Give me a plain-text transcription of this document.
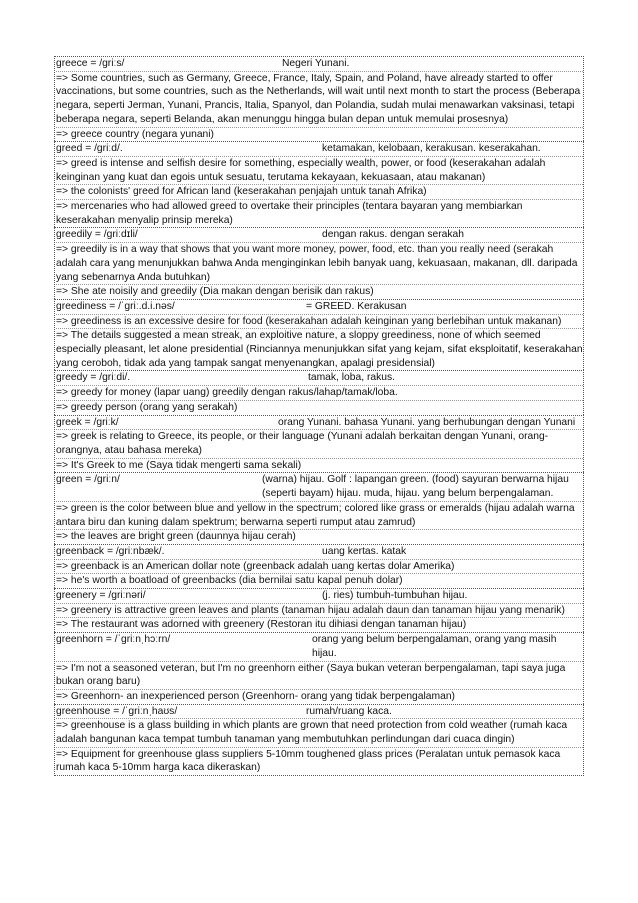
greece = /griːs/	Negeri Yunani.
=> Some countries, such as Germany, Greece, France, Italy, Spain, and Poland, have already started to offer vaccinations, but some countries, such as the Netherlands, will wait until next month to start the process (Beberapa negara, seperti Jerman, Yunani, Prancis, Italia, Spanyol, dan Polandia, sudah mulai menawarkan vaksinasi, tetapi beberapa negara, seperti Belanda, akan menunggu hingga bulan depan untuk memulai prosesnya)
=> greece country (negara yunani)
greed = /griːd/.	ketamakan, kelobaan, kerakusan. keserakahan.
=> greed is intense and selfish desire for something, especially wealth, power, or food (keserakahan adalah keinginan yang kuat dan egois untuk sesuatu, terutama kekayaan, kekuasaan, atau makanan)
=> the colonists' greed for African land (keserakahan penjajah untuk tanah Afrika)
=> mercenaries who had allowed greed to overtake their principles (tentara bayaran yang membiarkan keserakahan menyalip prinsip mereka)
greedily = /griːdɪli/	dengan rakus. dengan serakah
=> greedily is in a way that shows that you want more money, power, food, etc. than you really need (serakah adalah cara yang menunjukkan bahwa Anda menginginkan lebih banyak uang, kekuasaan, makanan, dll. daripada yang sebenarnya Anda butuhkan)
=> She ate noisily and greedily (Dia makan dengan berisik dan rakus)
greediness = /ˈɡriː.d.i.nəs/	= GREED. Kerakusan
=> greediness is an excessive desire for food (keserakahan adalah keinginan yang berlebihan untuk makanan)
=> The details suggested a mean streak, an exploitive nature, a sloppy greediness, none of which seemed especially pleasant, let alone presidential (Rinciannya menunjukkan sifat yang kejam, sifat eksploitatif, keserakahan yang ceroboh, tidak ada yang tampak sangat menyenangkan, apalagi presidensial)
greedy = /griːdi/.	tamak, loba, rakus.
=> greedy for money (lapar uang) greedily dengan rakus/lahap/tamak/loba.
=> greedy person (orang yang serakah)
greek = /griːk/	orang Yunani. bahasa Yunani. yang berhubungan dengan Yunani
=> greek is relating to Greece, its people, or their language (Yunani adalah berkaitan dengan Yunani, orang-orangnya, atau bahasa mereka)
=> It's Greek to me (Saya tidak mengerti sama sekali)
green = /griːn/	(warna) hijau. Golf : lapangan green. (food) sayuran berwarna hijau (seperti bayam) hijau. muda, hijau. yang belum berpengalaman.
=> green is the color between blue and yellow in the spectrum; colored like grass or emeralds (hijau adalah warna antara biru dan kuning dalam spektrum; berwarna seperti rumput atau zamrud)
=> the leaves are bright green (daunnya hijau cerah)
greenback = /griːnbæk/.	uang kertas. katak
=> greenback is an American dollar note (greenback adalah uang kertas dolar Amerika)
=> he's worth a boatload of greenbacks (dia bernilai satu kapal penuh dolar)
greenery = /griːnəri/	(j. ries) tumbuh-tumbuhan hijau.
=> greenery is attractive green leaves and plants (tanaman hijau adalah daun dan tanaman hijau yang menarik)
=> The restaurant was adorned with greenery (Restoran itu dihiasi dengan tanaman hijau)
greenhorn = /ˈɡriːnˌhɔːrn/	orang yang belum berpengalaman, orang yang masih hijau.
=> I'm not a seasoned veteran, but I'm no greenhorn either (Saya bukan veteran berpengalaman, tapi saya juga bukan orang baru)
=> Greenhorn- an inexperienced person (Greenhorn- orang yang tidak berpengalaman)
greenhouse = /ˈɡriːnˌhaʊs/	rumah/ruang kaca.
=> greenhouse is a glass building in which plants are grown that need protection from cold weather (rumah kaca adalah bangunan kaca tempat tumbuh tanaman yang membutuhkan perlindungan dari cuaca dingin)
=> Equipment for greenhouse glass suppliers 5-10mm toughened glass prices (Peralatan untuk pemasok kaca rumah kaca 5-10mm harga kaca dikeraskan)
